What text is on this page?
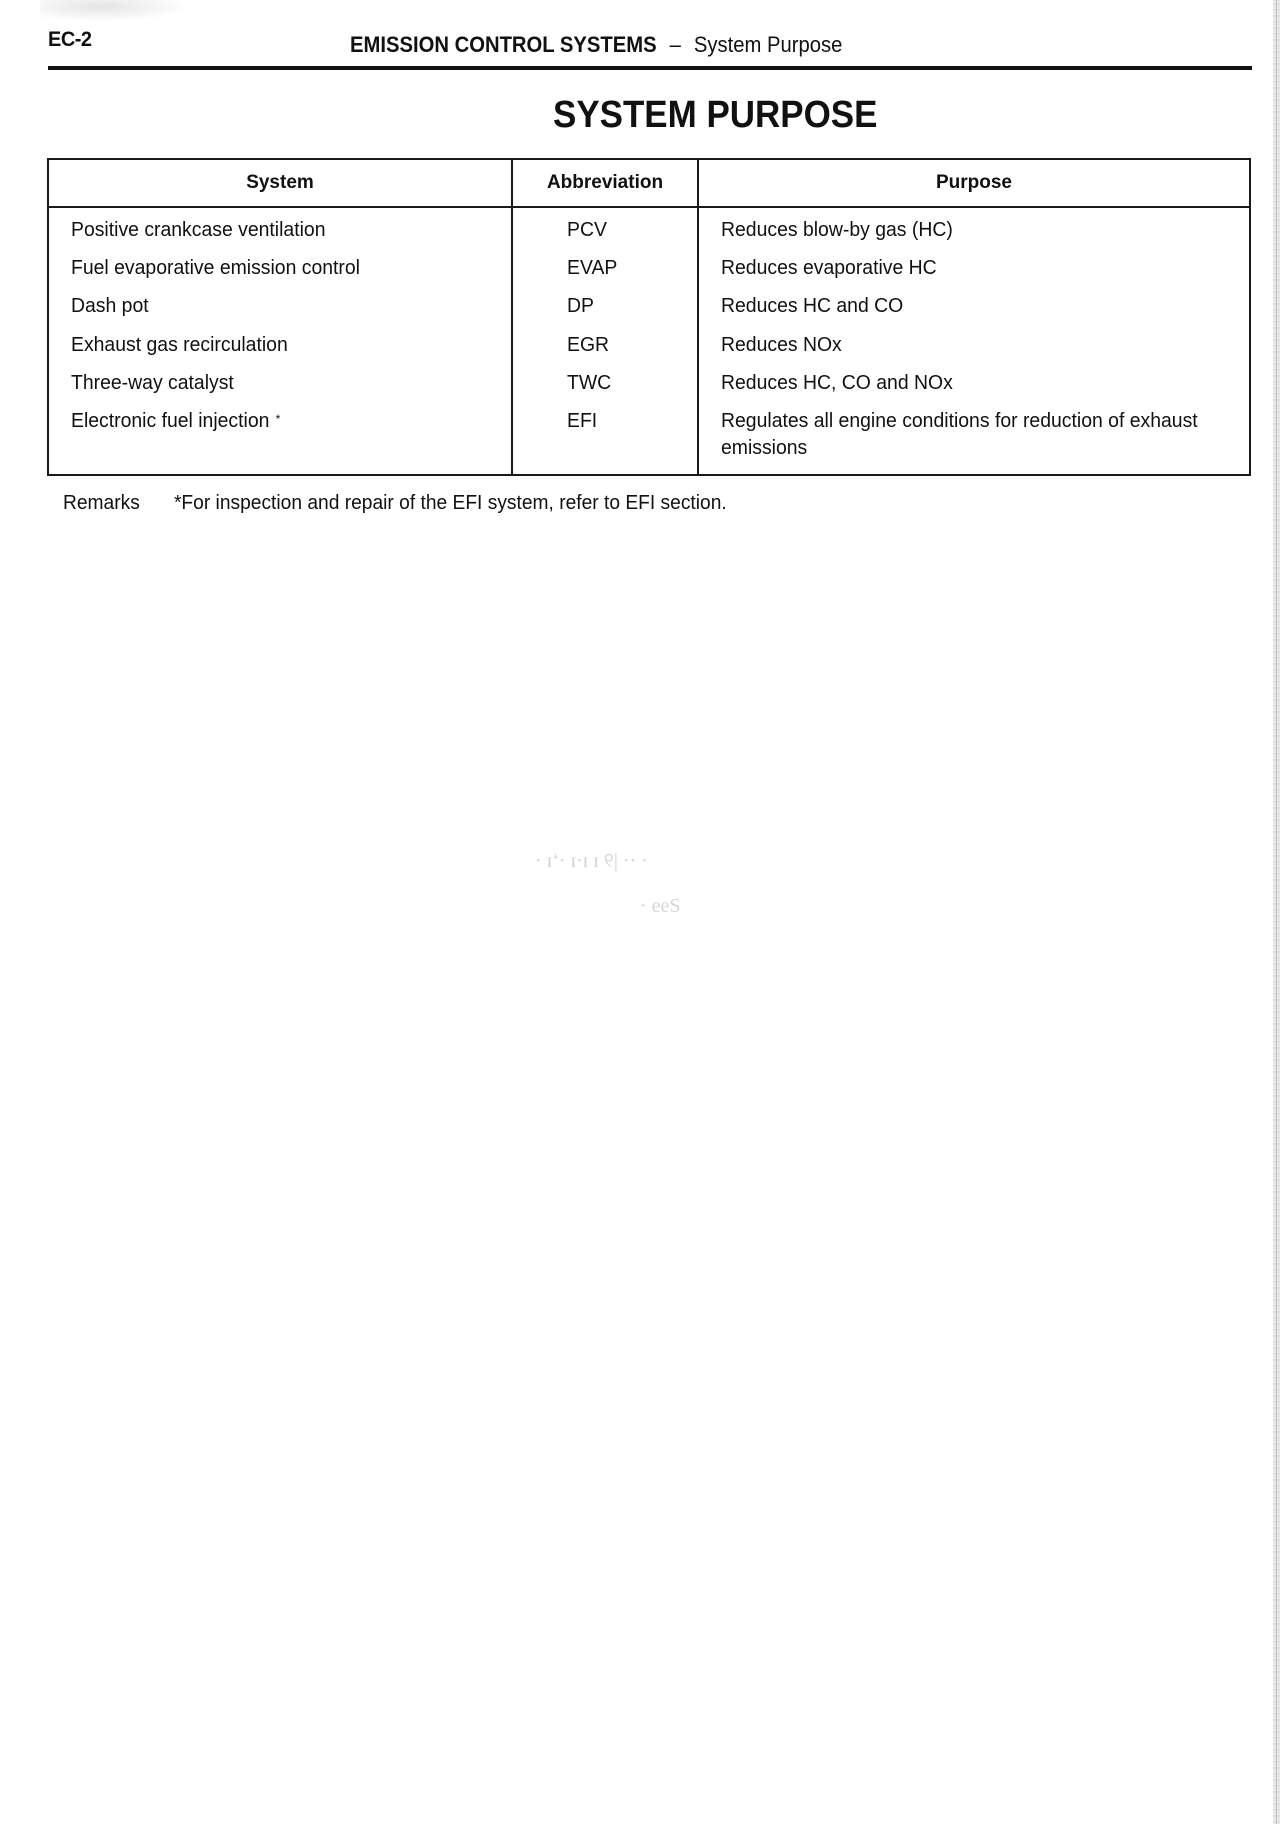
EC-2	EMISSION CONTROL SYSTEMS – System Purpose
SYSTEM PURPOSE
System	Abbreviation	Purpose
Positive crankcase ventilation	PCV	Reduces blow-by gas (HC)
Fuel evaporative emission control	EVAP	Reduces evaporative HC
Dash pot	DP	Reduces HC and CO
Exhaust gas recirculation	EGR	Reduces NOx
Three-way catalyst	TWC	Reduces HC, CO and NOx
Electronic fuel injection *	EFI	Regulates all engine conditions for reduction of exhaust emissions
Remarks *For inspection and repair of the EFI system, refer to EFI section.
· ·· |୨ ɪ ɪ·ɪ ·ʻɪ ·
Ƨɘɘ ·
